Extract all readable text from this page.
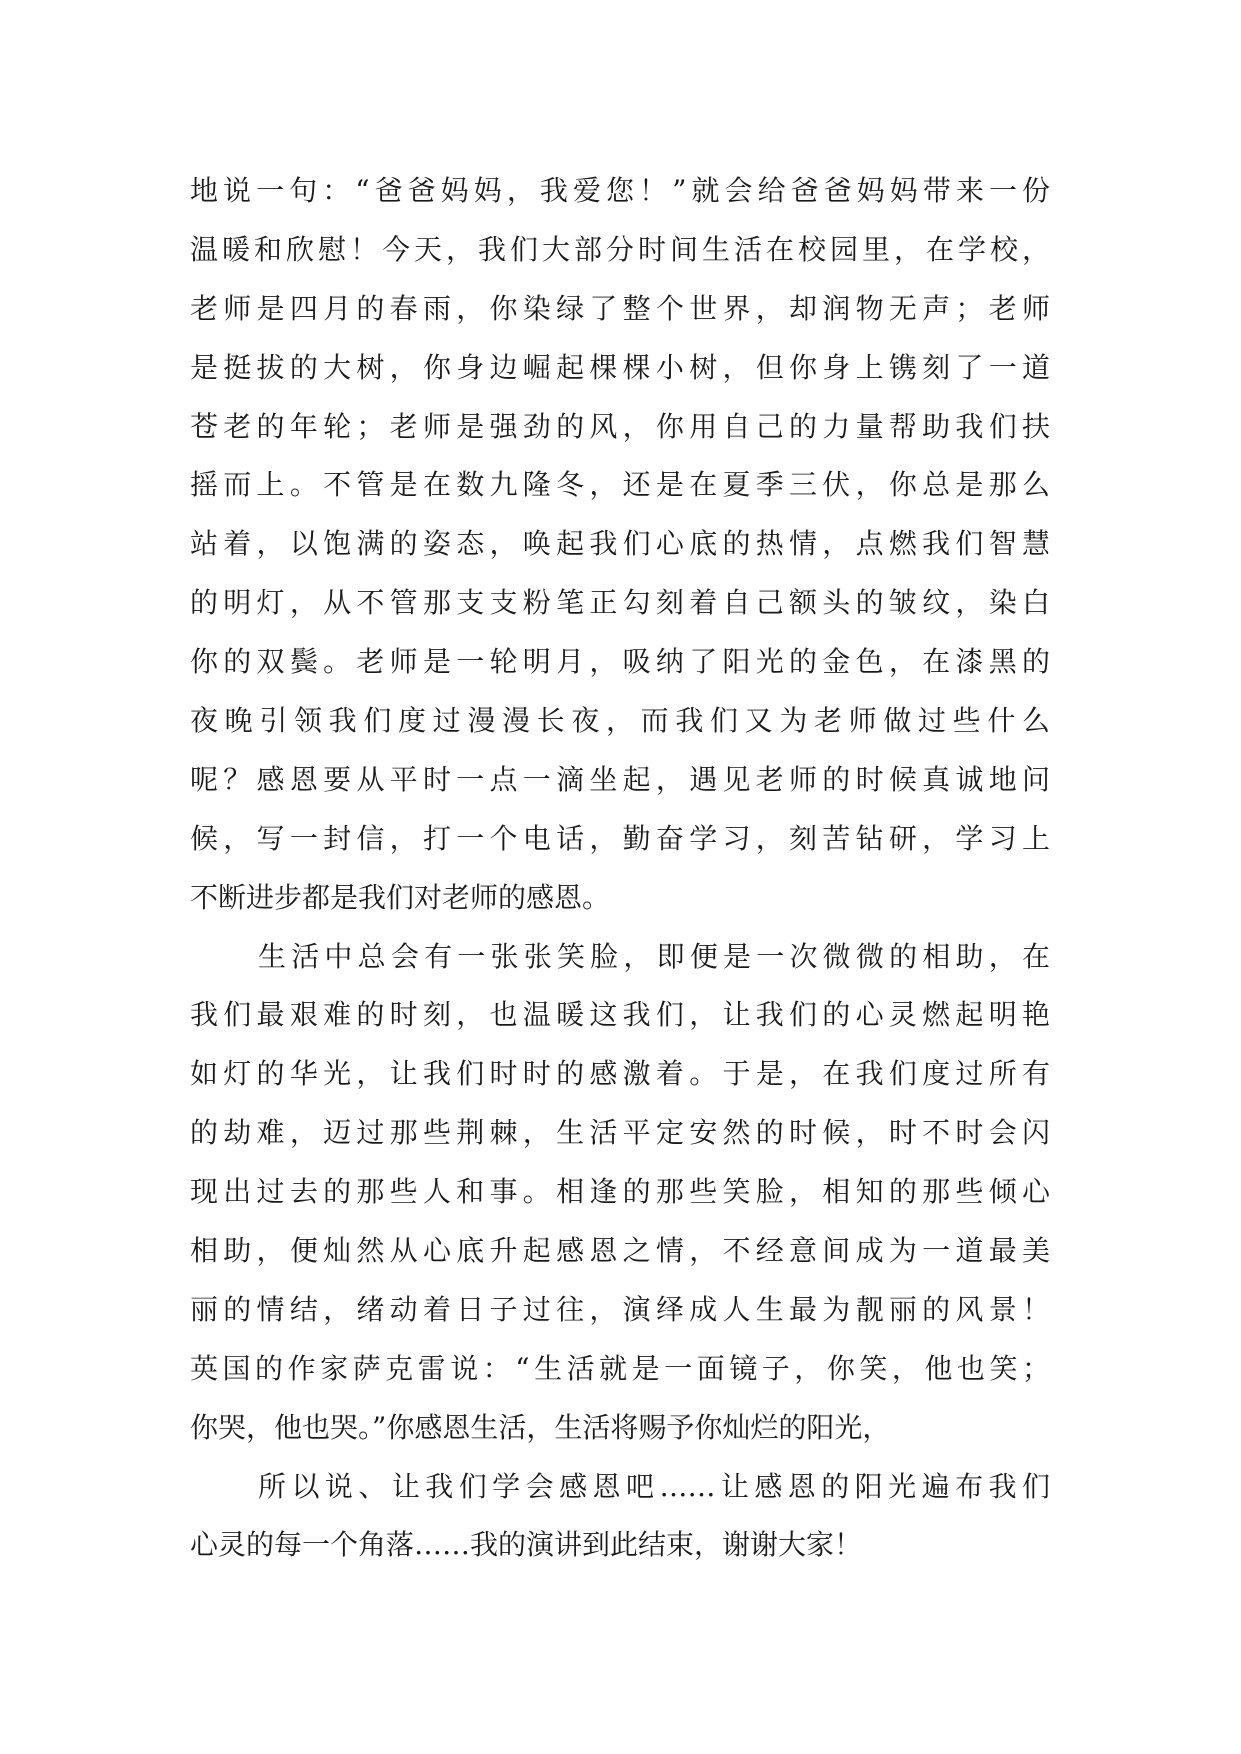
地说一句：“爸爸妈妈，我爱您！”就会给爸爸妈妈带来一份
温暖和欣慰！今天，我们大部分时间生活在校园里，在学校，
老师是四月的春雨，你染绿了整个世界，却润物无声；老师
是挺拔的大树，你身边崛起棵棵小树，但你身上镌刻了一道
苍老的年轮；老师是强劲的风，你用自己的力量帮助我们扶
摇而上。不管是在数九隆冬，还是在夏季三伏，你总是那么
站着，以饱满的姿态，唤起我们心底的热情，点燃我们智慧
的明灯，从不管那支支粉笔正勾刻着自己额头的皱纹，染白
你的双鬓。老师是一轮明月，吸纳了阳光的金色，在漆黑的
夜晚引领我们度过漫漫长夜，而我们又为老师做过些什么
呢？感恩要从平时一点一滴坐起，遇见老师的时候真诚地问
候，写一封信，打一个电话，勤奋学习，刻苦钻研，学习上
不断进步都是我们对老师的感恩。
生活中总会有一张张笑脸，即便是一次微微的相助，在
我们最艰难的时刻，也温暖这我们，让我们的心灵燃起明艳
如灯的华光，让我们时时的感激着。于是，在我们度过所有
的劫难，迈过那些荆棘，生活平定安然的时候，时不时会闪
现出过去的那些人和事。相逢的那些笑脸，相知的那些倾心
相助，便灿然从心底升起感恩之情，不经意间成为一道最美
丽的情结，绪动着日子过往，演绎成人生最为靓丽的风景！
英国的作家萨克雷说：“生活就是一面镜子，你笑，他也笑；
你哭，他也哭。”你感恩生活，生活将赐予你灿烂的阳光，
所以说、让我们学会感恩吧……让感恩的阳光遍布我们
心灵的每一个角落……我的演讲到此结束，谢谢大家！
